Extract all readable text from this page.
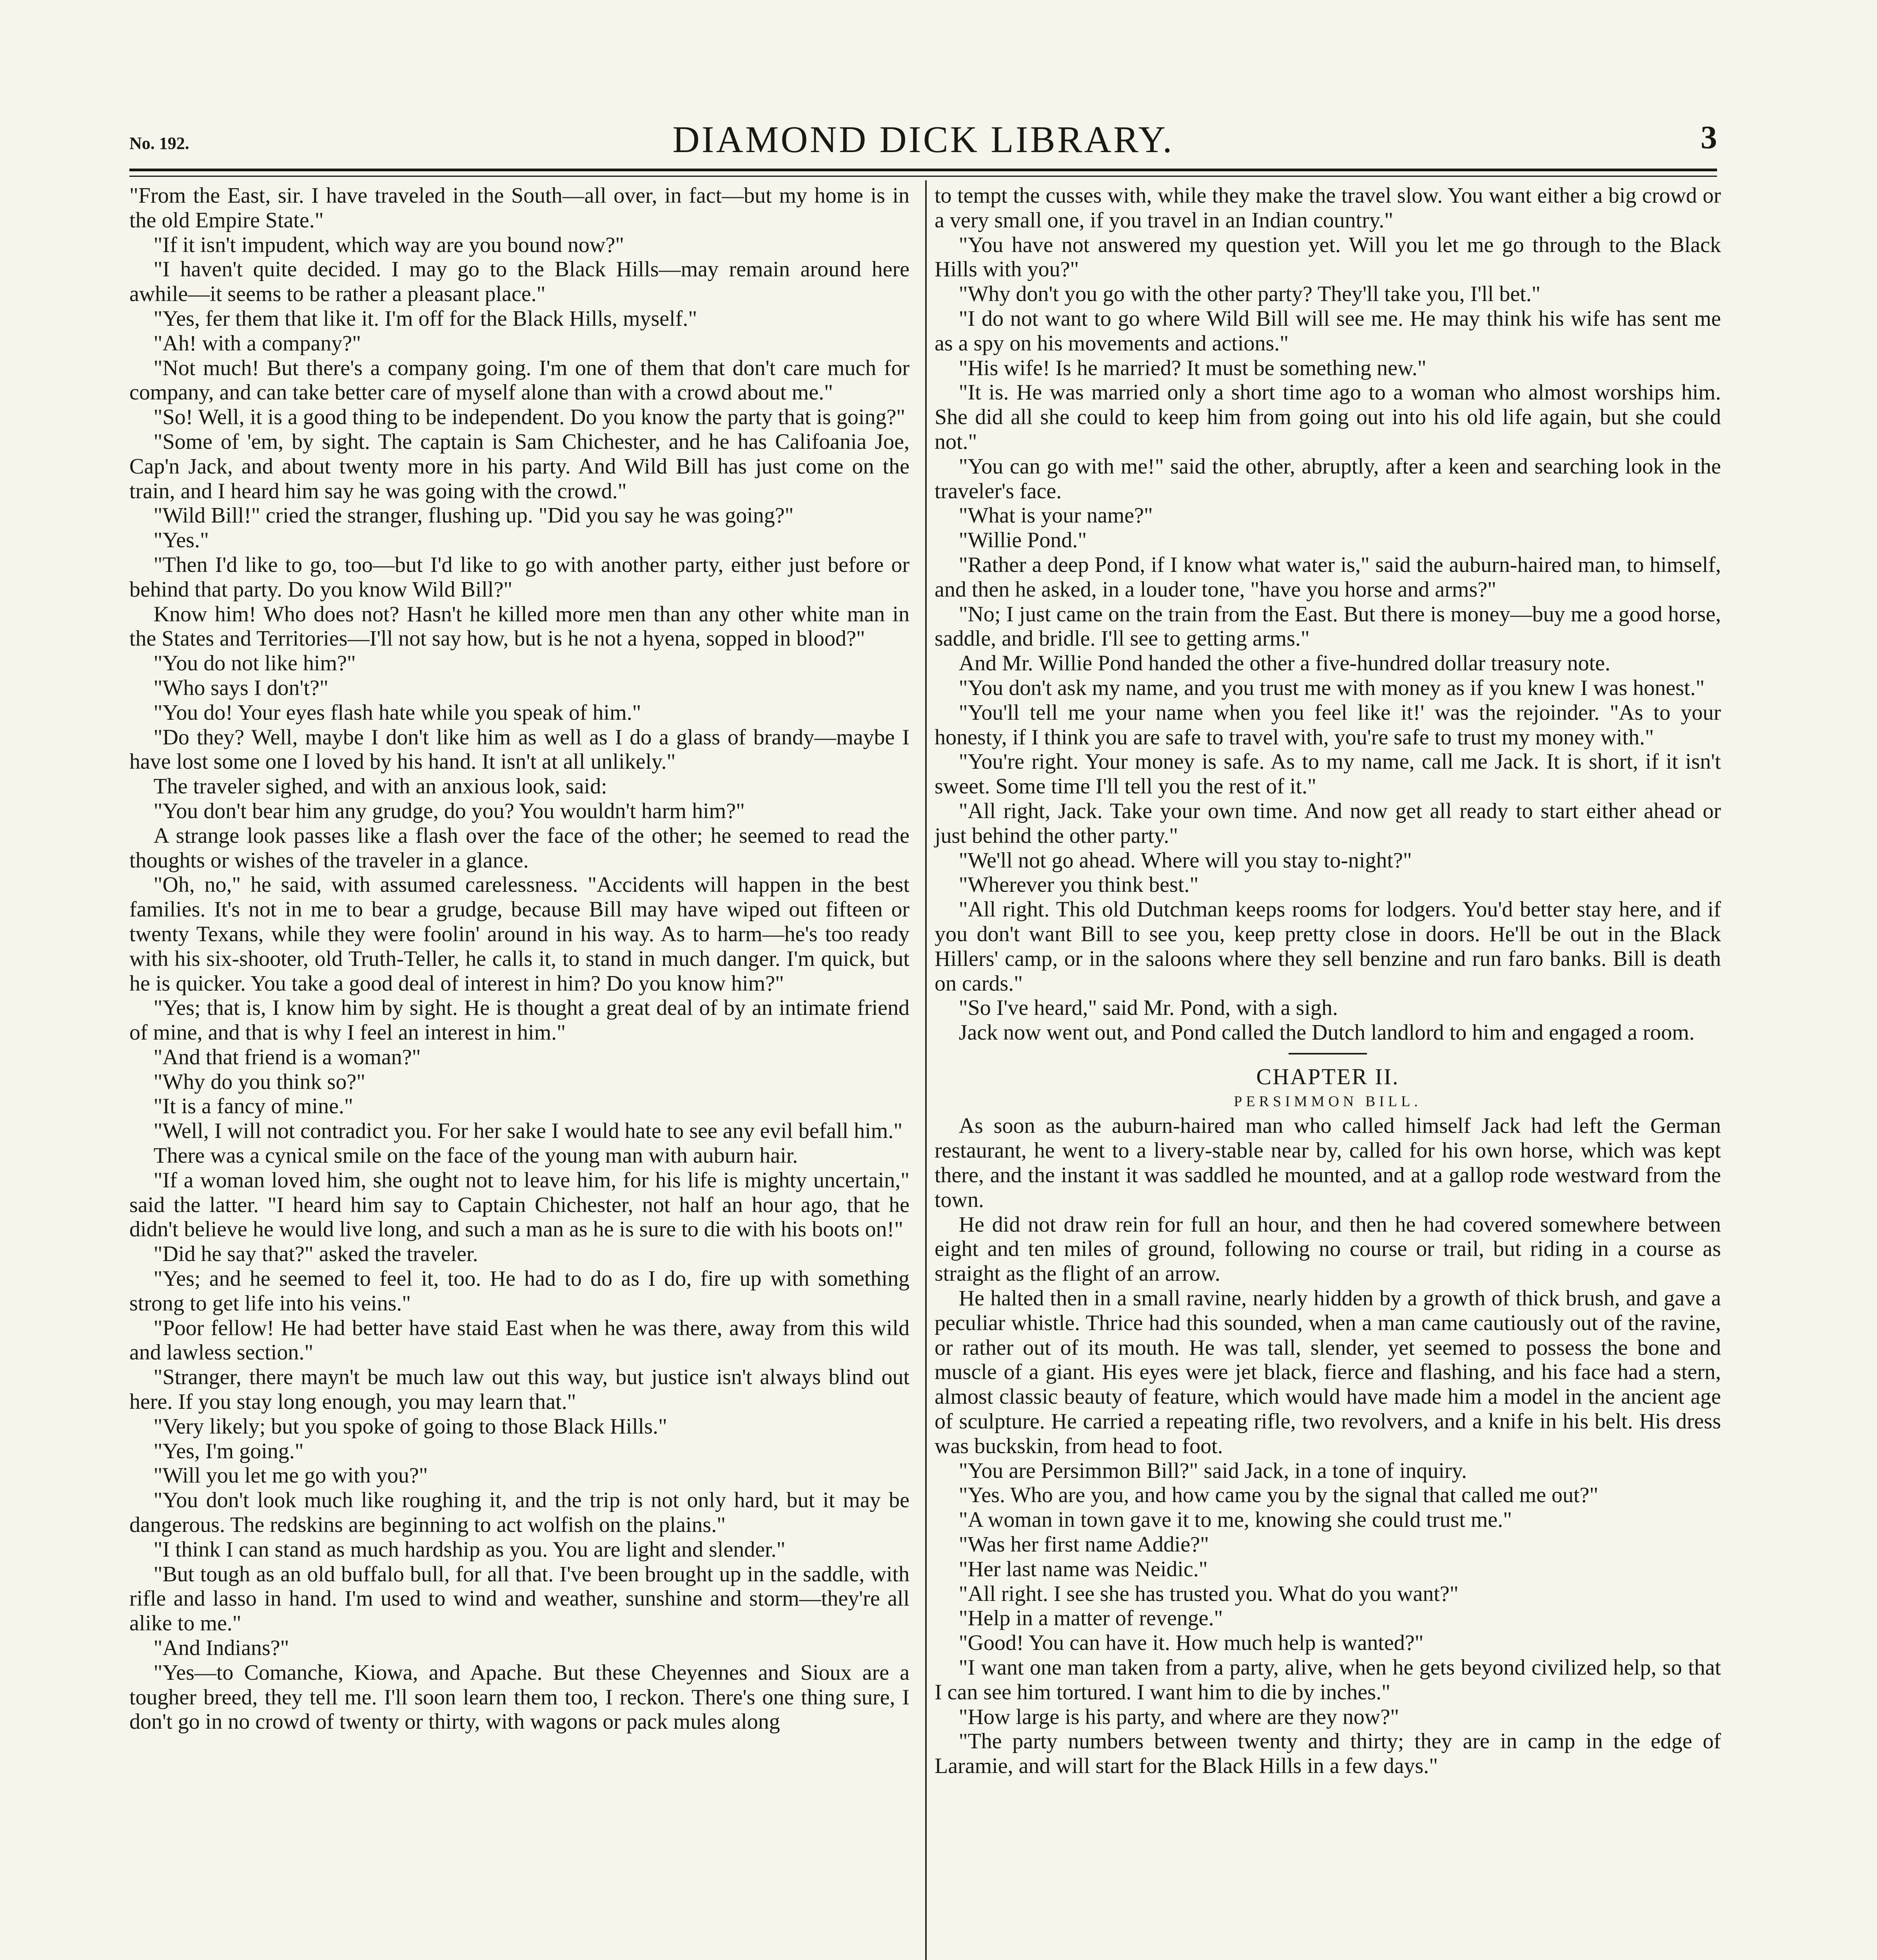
No. 192.	DIAMOND DICK LIBRARY.	3

"From the East, sir. I have traveled in the South—all over, in fact—but my home is in the old Empire State."

"If it isn't impudent, which way are you bound now?"

"I haven't quite decided. I may go to the Black Hills—may remain around here awhile—it seems to be rather a pleasant place."

"Yes, fer them that like it. I'm off for the Black Hills, myself."

"Ah! with a company?"

"Not much! But there's a company going. I'm one of them that don't care much for company, and can take better care of myself alone than with a crowd about me."

"So! Well, it is a good thing to be independent. Do you know the party that is going?"

"Some of 'em, by sight. The captain is Sam Chichester, and he has Califoania Joe, Cap'n Jack, and about twenty more in his party. And Wild Bill has just come on the train, and I heard him say he was going with the crowd."

"Wild Bill!" cried the stranger, flushing up. "Did you say he was going?"

"Yes."

"Then I'd like to go, too—but I'd like to go with another party, either just before or behind that party. Do you know Wild Bill?"

Know him! Who does not? Hasn't he killed more men than any other white man in the States and Territories—I'll not say how, but is he not a hyena, sopped in blood?"

"You do not like him?"

"Who says I don't?"

"You do! Your eyes flash hate while you speak of him."

"Do they? Well, maybe I don't like him as well as I do a glass of brandy—maybe I have lost some one I loved by his hand. It isn't at all unlikely."

The traveler sighed, and with an anxious look, said:

"You don't bear him any grudge, do you? You wouldn't harm him?"

A strange look passes like a flash over the face of the other; he seemed to read the thoughts or wishes of the traveler in a glance.

"Oh, no," he said, with assumed carelessness. "Accidents will happen in the best families. It's not in me to bear a grudge, because Bill may have wiped out fifteen or twenty Texans, while they were foolin' around in his way. As to harm—he's too ready with his six-shooter, old Truth-Teller, he calls it, to stand in much danger. I'm quick, but he is quicker. You take a good deal of interest in him? Do you know him?"

"Yes; that is, I know him by sight. He is thought a great deal of by an intimate friend of mine, and that is why I feel an interest in him."

"And that friend is a woman?"

"Why do you think so?"

"It is a fancy of mine."

"Well, I will not contradict you. For her sake I would hate to see any evil befall him."

There was a cynical smile on the face of the young man with auburn hair.

"If a woman loved him, she ought not to leave him, for his life is mighty uncertain," said the latter. "I heard him say to Captain Chichester, not half an hour ago, that he didn't believe he would live long, and such a man as he is sure to die with his boots on!"

"Did he say that?" asked the traveler.

"Yes; and he seemed to feel it, too. He had to do as I do, fire up with something strong to get life into his veins."

"Poor fellow! He had better have staid East when he was there, away from this wild and lawless section."

"Stranger, there mayn't be much law out this way, but justice isn't always blind out here. If you stay long enough, you may learn that."

"Very likely; but you spoke of going to those Black Hills."

"Yes, I'm going."

"Will you let me go with you?"

"You don't look much like roughing it, and the trip is not only hard, but it may be dangerous. The redskins are beginning to act wolfish on the plains."

"I think I can stand as much hardship as you. You are light and slender."

"But tough as an old buffalo bull, for all that. I've been brought up in the saddle, with rifle and lasso in hand. I'm used to wind and weather, sunshine and storm—they're all alike to me."

"And Indians?"

"Yes—to Comanche, Kiowa, and Apache. But these Cheyennes and Sioux are a tougher breed, they tell me. I'll soon learn them too, I reckon. There's one thing sure, I don't go in no crowd of twenty or thirty, with wagons or pack mules along

to tempt the cusses with, while they make the travel slow. You want either a big crowd or a very small one, if you travel in an Indian country."

"You have not answered my question yet. Will you let me go through to the Black Hills with you?"

"Why don't you go with the other party? They'll take you, I'll bet."

"I do not want to go where Wild Bill will see me. He may think his wife has sent me as a spy on his movements and actions."

"His wife! Is he married? It must be something new."

"It is. He was married only a short time ago to a woman who almost worships him. She did all she could to keep him from going out into his old life again, but she could not."

"You can go with me!" said the other, abruptly, after a keen and searching look in the traveler's face.

"What is your name?"

"Willie Pond."

"Rather a deep Pond, if I know what water is," said the auburn-haired man, to himself, and then he asked, in a louder tone, "have you horse and arms?"

"No; I just came on the train from the East. But there is money—buy me a good horse, saddle, and bridle. I'll see to getting arms."

And Mr. Willie Pond handed the other a five-hundred dollar treasury note.

"You don't ask my name, and you trust me with money as if you knew I was honest."

"You'll tell me your name when you feel like it!' was the rejoinder. "As to your honesty, if I think you are safe to travel with, you're safe to trust my money with."

"You're right. Your money is safe. As to my name, call me Jack. It is short, if it isn't sweet. Some time I'll tell you the rest of it."

"All right, Jack. Take your own time. And now get all ready to start either ahead or just behind the other party."

"We'll not go ahead. Where will you stay to-night?"

"Wherever you think best."

"All right. This old Dutchman keeps rooms for lodgers. You'd better stay here, and if you don't want Bill to see you, keep pretty close in doors. He'll be out in the Black Hillers' camp, or in the saloons where they sell benzine and run faro banks. Bill is death on cards."

"So I've heard," said Mr. Pond, with a sigh.

Jack now went out, and Pond called the Dutch landlord to him and engaged a room.

CHAPTER II.

PERSIMMON BILL.

As soon as the auburn-haired man who called himself Jack had left the German restaurant, he went to a livery-stable near by, called for his own horse, which was kept there, and the instant it was saddled he mounted, and at a gallop rode westward from the town.

He did not draw rein for full an hour, and then he had covered somewhere between eight and ten miles of ground, following no course or trail, but riding in a course as straight as the flight of an arrow.

He halted then in a small ravine, nearly hidden by a growth of thick brush, and gave a peculiar whistle. Thrice had this sounded, when a man came cautiously out of the ravine, or rather out of its mouth. He was tall, slender, yet seemed to possess the bone and muscle of a giant. His eyes were jet black, fierce and flashing, and his face had a stern, almost classic beauty of feature, which would have made him a model in the ancient age of sculpture. He carried a repeating rifle, two revolvers, and a knife in his belt. His dress was buckskin, from head to foot.

"You are Persimmon Bill?" said Jack, in a tone of inquiry.

"Yes. Who are you, and how came you by the signal that called me out?"

"A woman in town gave it to me, knowing she could trust me."

"Was her first name Addie?"

"Her last name was Neidic."

"All right. I see she has trusted you. What do you want?"

"Help in a matter of revenge."

"Good! You can have it. How much help is wanted?"

"I want one man taken from a party, alive, when he gets beyond civilized help, so that I can see him tortured. I want him to die by inches."

"How large is his party, and where are they now?"

"The party numbers between twenty and thirty; they are in camp in the edge of Laramie, and will start for the Black Hills in a few days."
